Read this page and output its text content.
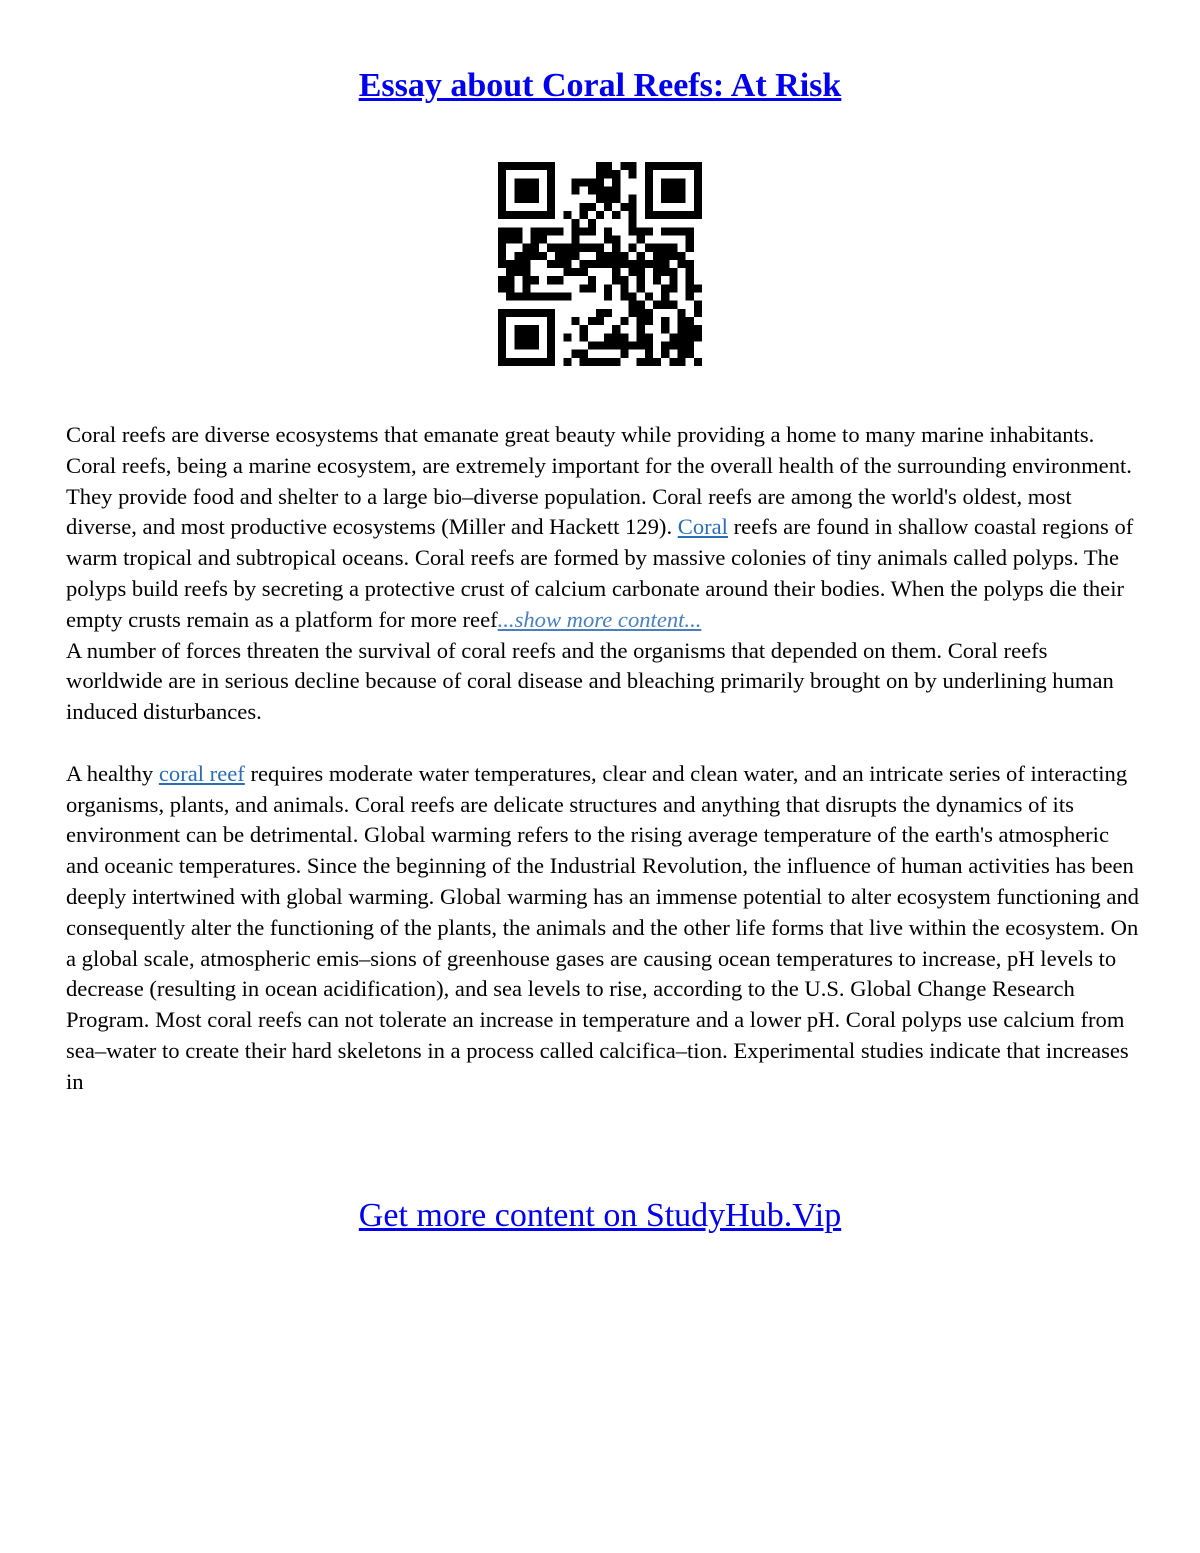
Essay about Coral Reefs: At Risk

Coral reefs are diverse ecosystems that emanate great beauty while providing a home to many marine inhabitants. Coral reefs, being a marine ecosystem, are extremely important for the overall health of the surrounding environment. They provide food and shelter to a large bio–diverse population. Coral reefs are among the world's oldest, most diverse, and most productive ecosystems (Miller and Hackett 129). Coral reefs are found in shallow coastal regions of warm tropical and subtropical oceans. Coral reefs are formed by massive colonies of tiny animals called polyps. The polyps build reefs by secreting a protective crust of calcium carbonate around their bodies. When the polyps die their empty crusts remain as a platform for more reef...show more content...
A number of forces threaten the survival of coral reefs and the organisms that depended on them. Coral reefs worldwide are in serious decline because of coral disease and bleaching primarily brought on by underlining human induced disturbances.

A healthy coral reef requires moderate water temperatures, clear and clean water, and an intricate series of interacting organisms, plants, and animals. Coral reefs are delicate structures and anything that disrupts the dynamics of its environment can be detrimental. Global warming refers to the rising average temperature of the earth's atmospheric and oceanic temperatures. Since the beginning of the Industrial Revolution, the influence of human activities has been deeply intertwined with global warming. Global warming has an immense potential to alter ecosystem functioning and consequently alter the functioning of the plants, the animals and the other life forms that live within the ecosystem. On a global scale, atmospheric emis–sions of greenhouse gases are causing ocean temperatures to increase, pH levels to decrease (resulting in ocean acidification), and sea levels to rise, according to the U.S. Global Change Research Program. Most coral reefs can not tolerate an increase in temperature and a lower pH. Coral polyps use calcium from sea–water to create their hard skeletons in a process called calcifica–tion. Experimental studies indicate that increases in

Get more content on StudyHub.Vip
